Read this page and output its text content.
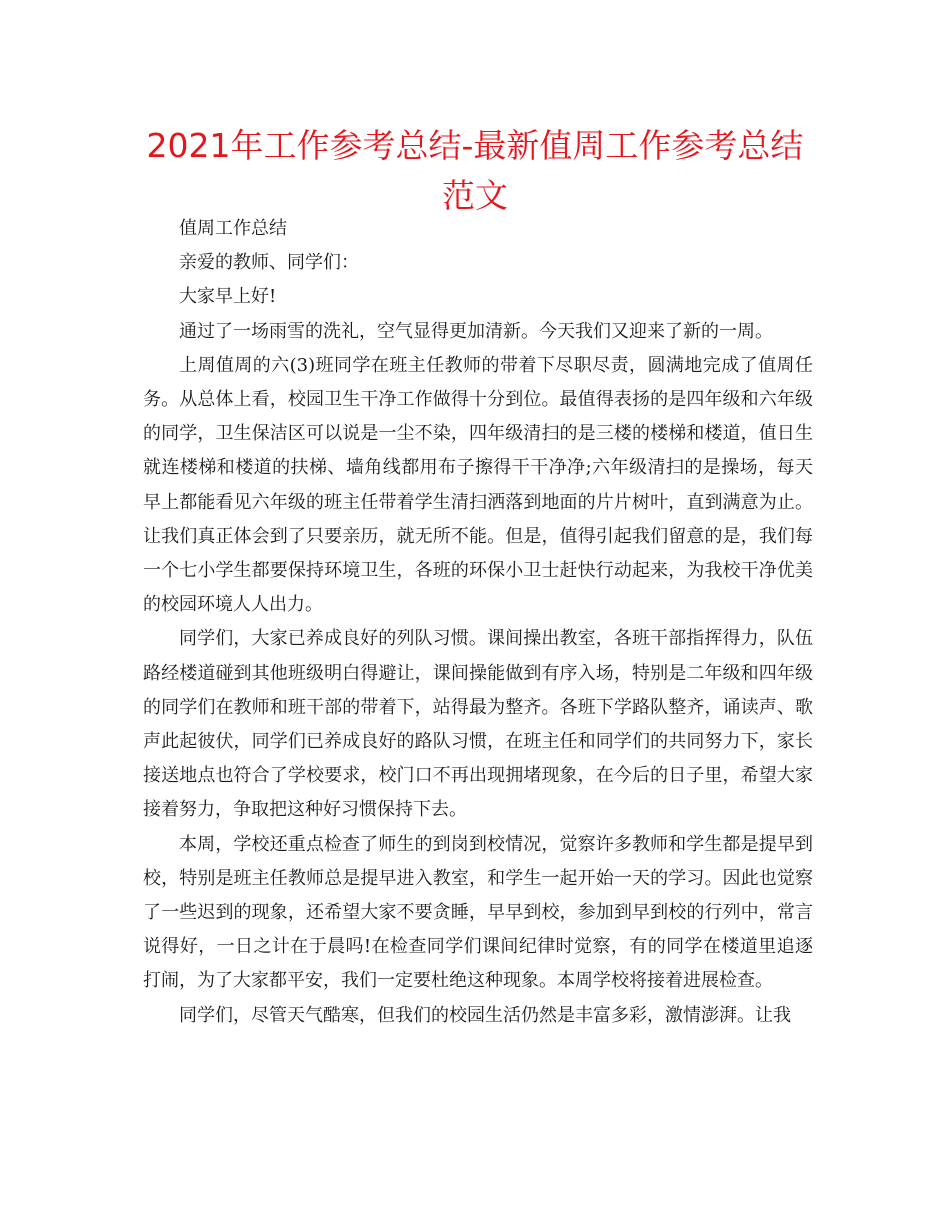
2021年工作参考总结-最新值周工作参考总结范文

值周工作总结

亲爱的教师、同学们：

大家早上好!

通过了一场雨雪的洗礼，空气显得更加清新。今天我们又迎来了新的一周。

上周值周的六(3)班同学在班主任教师的带着下尽职尽责，圆满地完成了值周任务。从总体上看，校园卫生干净工作做得十分到位。最值得表扬的是四年级和六年级的同学，卫生保洁区可以说是一尘不染，四年级清扫的是三楼的楼梯和楼道，值日生就连楼梯和楼道的扶梯、墙角线都用布子擦得干干净净;六年级清扫的是操场，每天早上都能看见六年级的班主任带着学生清扫洒落到地面的片片树叶，直到满意为止。让我们真正体会到了只要亲历，就无所不能。但是，值得引起我们留意的是，我们每一个七小学生都要保持环境卫生，各班的环保小卫士赶快行动起来，为我校干净优美的校园环境人人出力。

同学们，大家已养成良好的列队习惯。课间操出教室，各班干部指挥得力，队伍路经楼道碰到其他班级明白得避让，课间操能做到有序入场，特别是二年级和四年级的同学们在教师和班干部的带着下，站得最为整齐。各班下学路队整齐，诵读声、歌声此起彼伏，同学们已养成良好的路队习惯，在班主任和同学们的共同努力下，家长接送地点也符合了学校要求，校门口不再出现拥堵现象，在今后的日子里，希望大家接着努力，争取把这种好习惯保持下去。

本周，学校还重点检查了师生的到岗到校情况，觉察许多教师和学生都是提早到校，特别是班主任教师总是提早进入教室，和学生一起开始一天的学习。因此也觉察了一些迟到的现象，还希望大家不要贪睡，早早到校，参加到早到校的行列中，常言说得好，一日之计在于晨吗!在检查同学们课间纪律时觉察，有的同学在楼道里追逐打闹，为了大家都平安，我们一定要杜绝这种现象。本周学校将接着进展检查。

同学们，尽管天气酷寒，但我们的校园生活仍然是丰富多彩，激情澎湃。让我
